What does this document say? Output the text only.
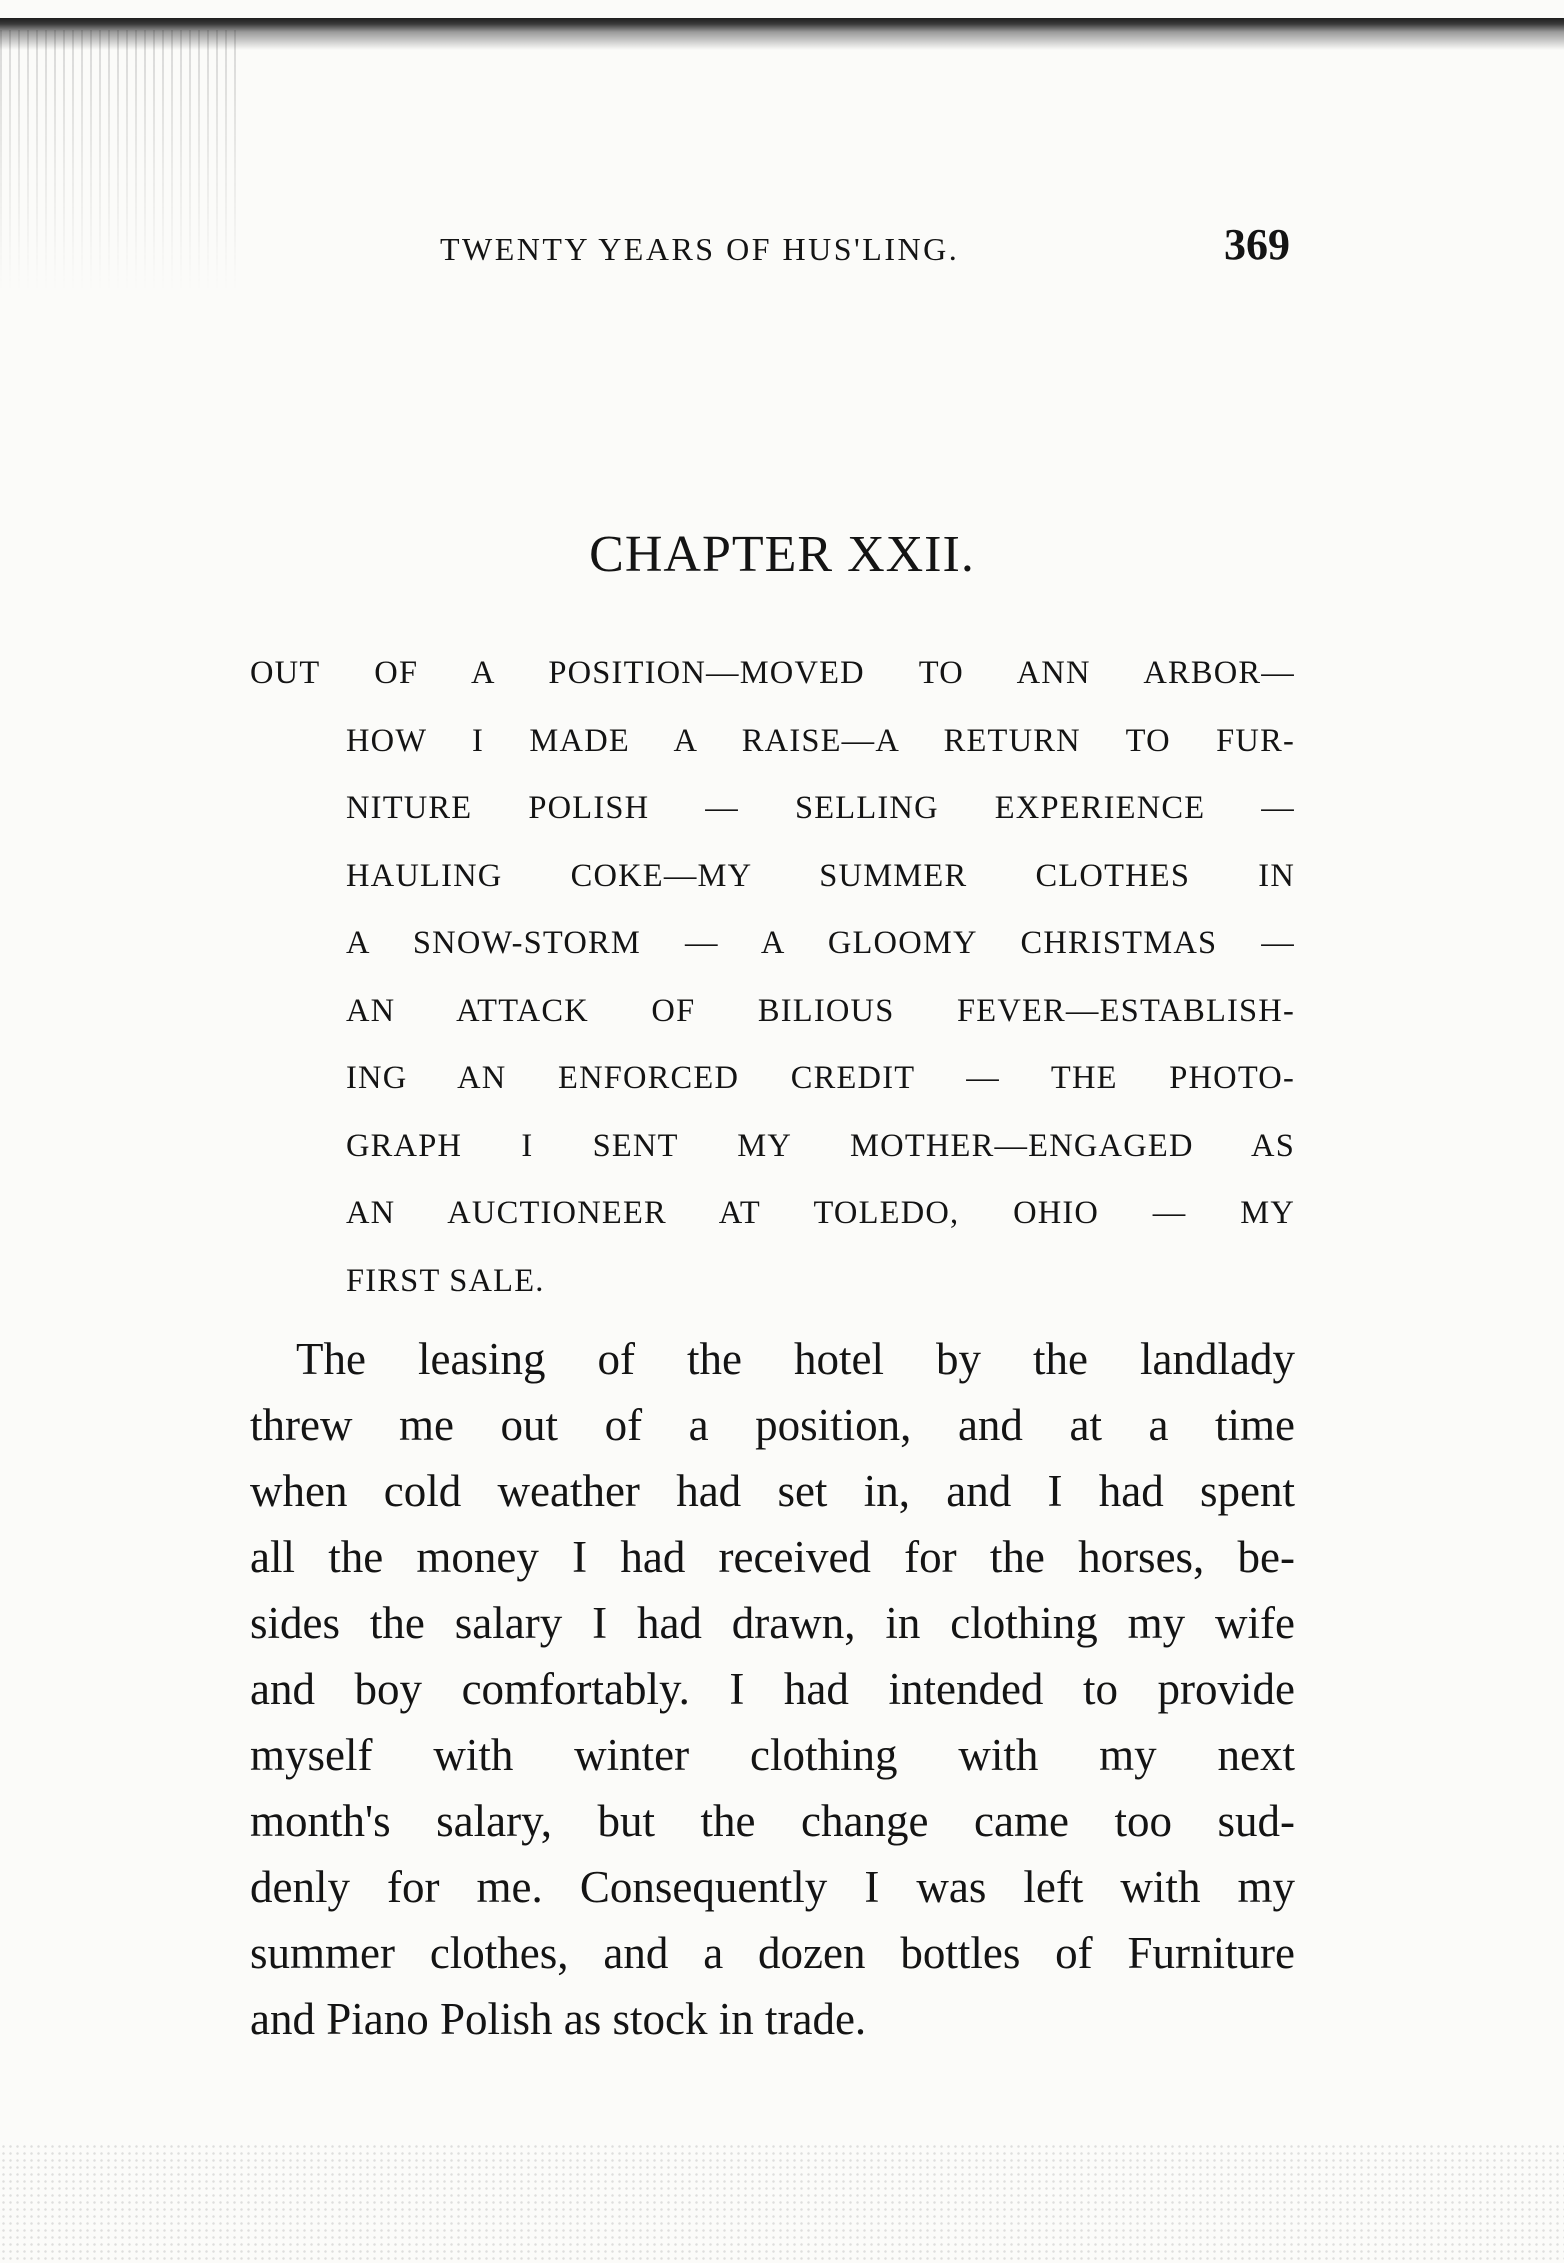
TWENTY YEARS OF HUS'LING.	369
CHAPTER XXII.
OUT OF A POSITION—MOVED TO ANN ARBOR—
HOW I MADE A RAISE—A RETURN TO FUR-
NITURE POLISH — SELLING EXPERIENCE —
HAULING COKE—MY SUMMER CLOTHES IN
A SNOW-STORM — A GLOOMY CHRISTMAS —
AN ATTACK OF BILIOUS FEVER—ESTABLISH-
ING AN ENFORCED CREDIT — THE PHOTO-
GRAPH I SENT MY MOTHER—ENGAGED AS
AN AUCTIONEER AT TOLEDO, OHIO — MY
FIRST SALE.
The leasing of the hotel by the landlady
threw me out of a position, and at a time
when cold weather had set in, and I had spent
all the money I had received for the horses, be-
sides the salary I had drawn, in clothing my wife
and boy comfortably. I had intended to provide
myself with winter clothing with my next
month's salary, but the change came too sud-
denly for me. Consequently I was left with my
summer clothes, and a dozen bottles of Furniture
and Piano Polish as stock in trade.
